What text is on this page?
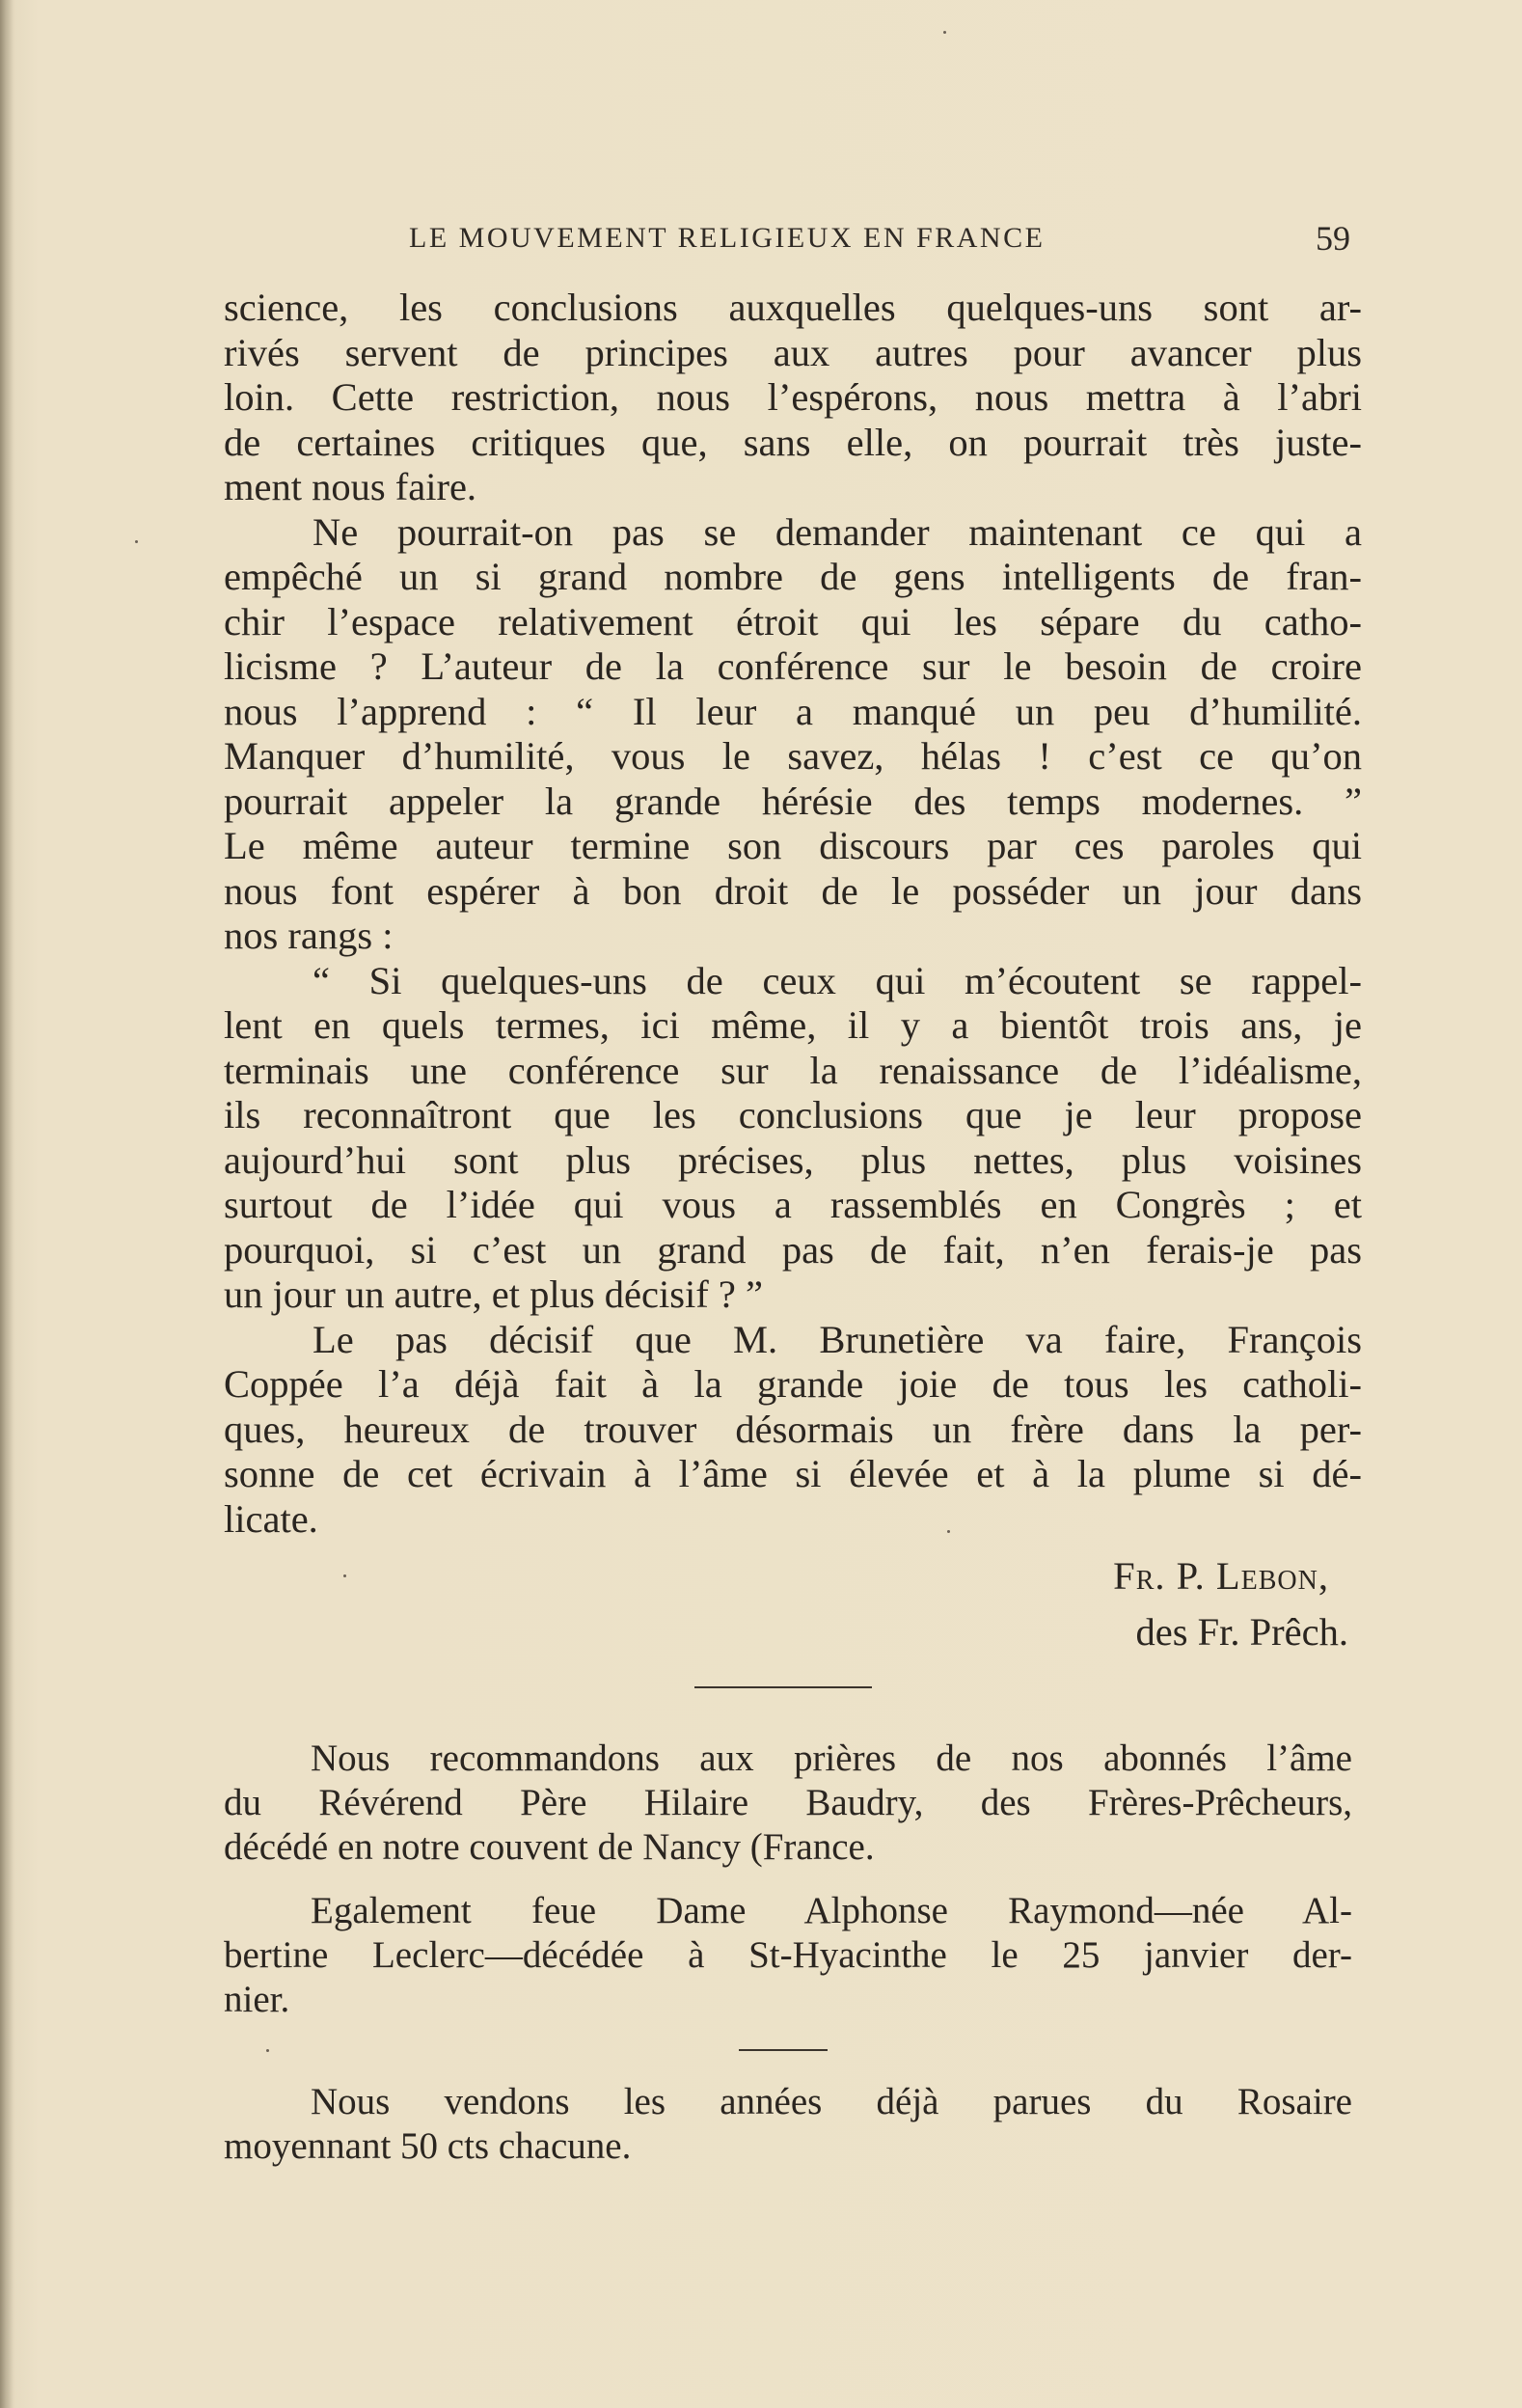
LE MOUVEMENT RELIGIEUX EN FRANCE	59
science, les conclusions auxquelles quelques-uns sont ar-
rivés servent de principes aux autres pour avancer plus
loin. Cette restriction, nous l’espérons, nous mettra à l’abri
de certaines critiques que, sans elle, on pourrait très juste-
ment nous faire.
Ne pourrait-on pas se demander maintenant ce qui a
empêché un si grand nombre de gens intelligents de fran-
chir l’espace relativement étroit qui les sépare du catho-
licisme ? L’auteur de la conférence sur le besoin de croire
nous l’apprend : “ Il leur a manqué un peu d’humilité.
Manquer d’humilité, vous le savez, hélas ! c’est ce qu’on
pourrait appeler la grande hérésie des temps modernes. ”
Le même auteur termine son discours par ces paroles qui
nous font espérer à bon droit de le posséder un jour dans
nos rangs :
“ Si quelques-uns de ceux qui m’écoutent se rappel-
lent en quels termes, ici même, il y a bientôt trois ans, je
terminais une conférence sur la renaissance de l’idéalisme,
ils reconnaîtront que les conclusions que je leur propose
aujourd’hui sont plus précises, plus nettes, plus voisines
surtout de l’idée qui vous a rassemblés en Congrès ; et
pourquoi, si c’est un grand pas de fait, n’en ferais-je pas
un jour un autre, et plus décisif ? ”
Le pas décisif que M. Brunetière va faire, François
Coppée l’a déjà fait à la grande joie de tous les catholi-
ques, heureux de trouver désormais un frère dans la per-
sonne de cet écrivain à l’âme si élevée et à la plume si dé-
licate.
Fr. P. Lebon,
des Fr. Prêch.
Nous recommandons aux prières de nos abonnés l’âme
du Révérend Père Hilaire Baudry, des Frères-Prêcheurs,
décédé en notre couvent de Nancy (France.
Egalement feue Dame Alphonse Raymond—née Al-
bertine Leclerc—décédée à St-Hyacinthe le 25 janvier der-
nier.
Nous vendons les années déjà parues du Rosaire
moyennant 50 cts chacune.
